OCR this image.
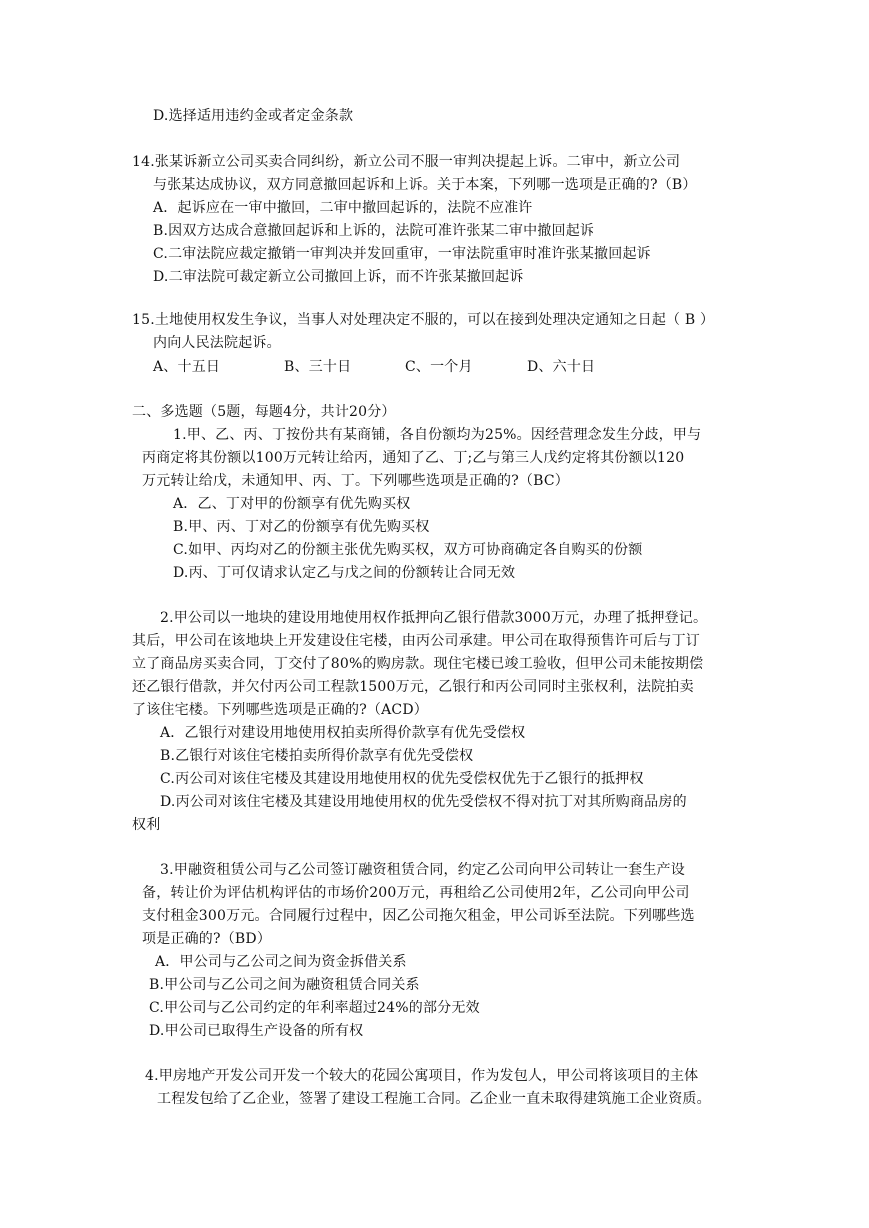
D.选择适用违约金或者定金条款
14.张某诉新立公司买卖合同纠纷，新立公司不服一审判决提起上诉。二审中，新立公司
与张某达成协议，双方同意撤回起诉和上诉。关于本案，下列哪一选项是正确的?（B）
A．起诉应在一审中撤回，二审中撤回起诉的，法院不应准许
B.因双方达成合意撤回起诉和上诉的，法院可准许张某二审中撤回起诉
C.二审法院应裁定撤销一审判决并发回重审，一审法院重审时准许张某撤回起诉
D.二审法院可裁定新立公司撤回上诉，而不许张某撤回起诉
15.土地使用权发生争议，当事人对处理决定不服的，可以在接到处理决定通知之日起（ B ）
内向人民法院起诉。
A、十五日	B、三十日	C、一个月	D、六十日
二、多选题（5题，每题4分，共计20分）
1.甲、乙、丙、丁按份共有某商铺，各自份额均为25%。因经营理念发生分歧，甲与
丙商定将其份额以100万元转让给丙，通知了乙、丁;乙与第三人戊约定将其份额以120
万元转让给戊，未通知甲、丙、丁。下列哪些选项是正确的?（BC）
A．乙、丁对甲的份额享有优先购买权
B.甲、丙、丁对乙的份额享有优先购买权
C.如甲、丙均对乙的份额主张优先购买权，双方可协商确定各自购买的份额
D.丙、丁可仅请求认定乙与戊之间的份额转让合同无效
2.甲公司以一地块的建设用地使用权作抵押向乙银行借款3000万元，办理了抵押登记。
其后，甲公司在该地块上开发建设住宅楼，由丙公司承建。甲公司在取得预售许可后与丁订
立了商品房买卖合同，丁交付了80%的购房款。现住宅楼已竣工验收，但甲公司未能按期偿
还乙银行借款，并欠付丙公司工程款1500万元，乙银行和丙公司同时主张权利，法院拍卖
了该住宅楼。下列哪些选项是正确的?（ACD）
A．乙银行对建设用地使用权拍卖所得价款享有优先受偿权
B.乙银行对该住宅楼拍卖所得价款享有优先受偿权
C.丙公司对该住宅楼及其建设用地使用权的优先受偿权优先于乙银行的抵押权
D.丙公司对该住宅楼及其建设用地使用权的优先受偿权不得对抗丁对其所购商品房的
权利
3.甲融资租赁公司与乙公司签订融资租赁合同，约定乙公司向甲公司转让一套生产设
备，转让价为评估机构评估的市场价200万元，再租给乙公司使用2年，乙公司向甲公司
支付租金300万元。合同履行过程中，因乙公司拖欠租金，甲公司诉至法院。下列哪些选
项是正确的?（BD）
A．甲公司与乙公司之间为资金拆借关系
B.甲公司与乙公司之间为融资租赁合同关系
C.甲公司与乙公司约定的年利率超过24%的部分无效
D.甲公司已取得生产设备的所有权
4.甲房地产开发公司开发一个较大的花园公寓项目，作为发包人，甲公司将该项目的主体
工程发包给了乙企业，签署了建设工程施工合同。乙企业一直未取得建筑施工企业资质。
